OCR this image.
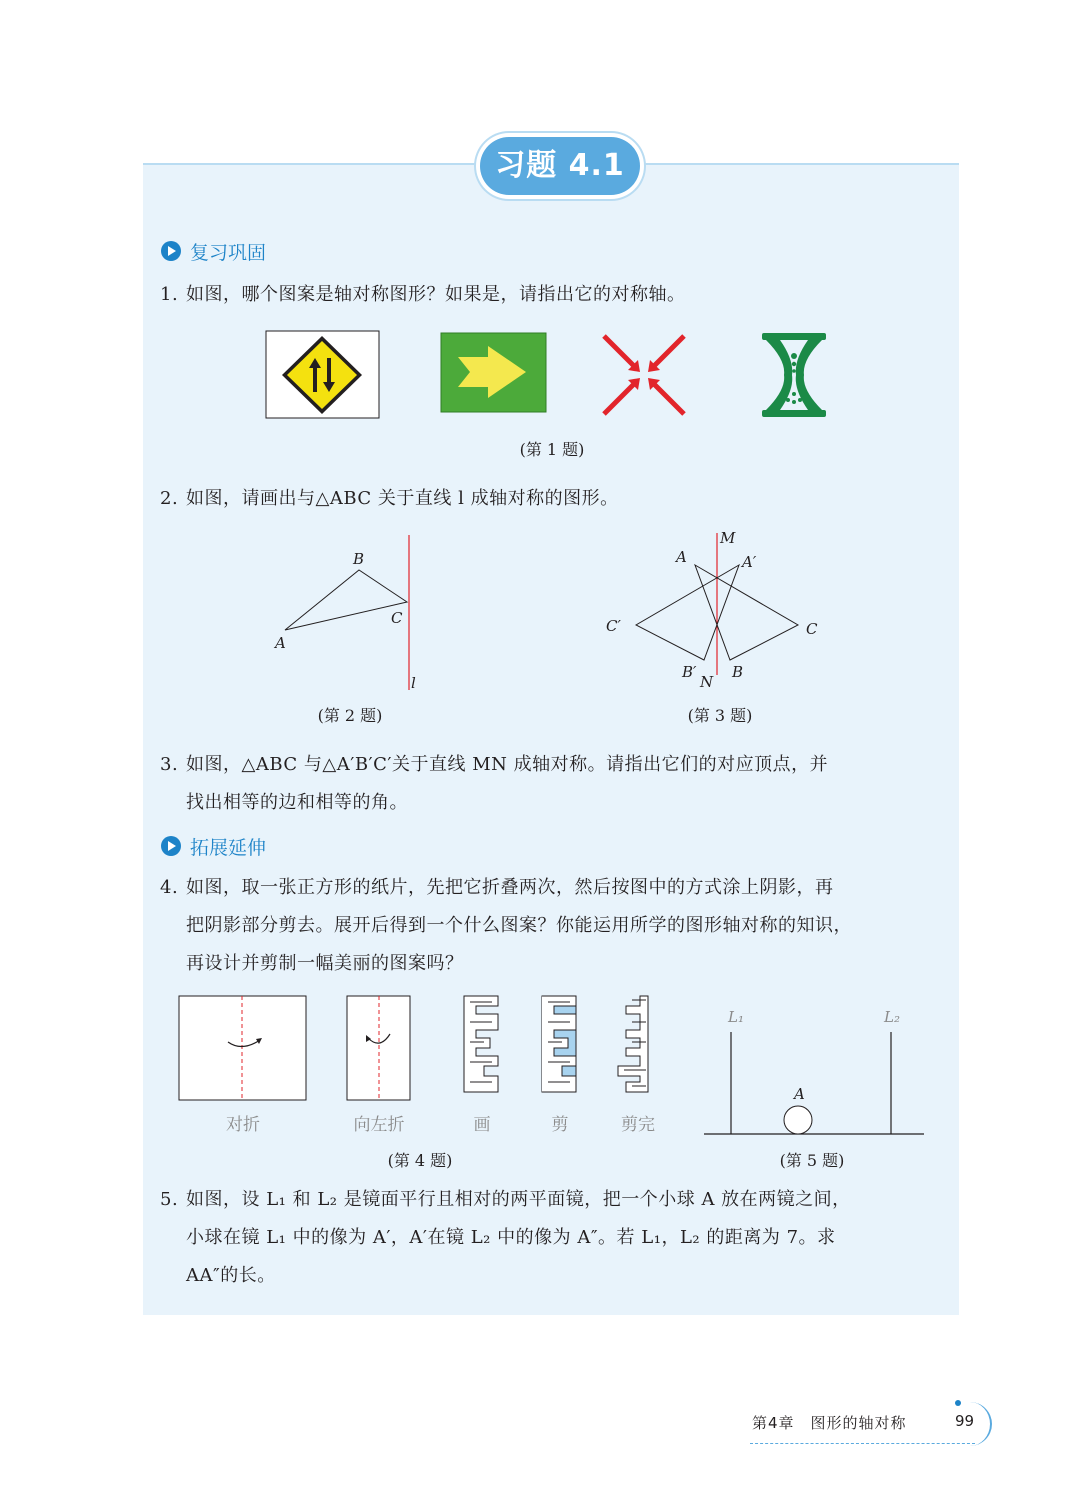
习题 4.1
复习巩固
1. 如图，哪个图案是轴对称图形？如果是，请指出它的对称轴。
(第 1 题)
2. 如图，请画出与△ABC 关于直线 l 成轴对称的图形。
A
B
C
l
(第 2 题)
M
A	A′
C′	C
B′ B
N
(第 3 题)
3. 如图，△ABC 与△A′B′C′关于直线 MN 成轴对称。请指出它们的对应顶点，并
找出相等的边和相等的角。
拓展延伸
4. 如图，取一张正方形的纸片，先把它折叠两次，然后按图中的方式涂上阴影，再
把阴影部分剪去。展开后得到一个什么图案？你能运用所学的图形轴对称的知识，
再设计并剪制一幅美丽的图案吗？
对折	向左折	画	剪	剪完
(第 4 题)
L₁	L₂
A
(第 5 题)
5. 如图，设 L₁ 和 L₂ 是镜面平行且相对的两平面镜，把一个小球 A 放在两镜之间，
小球在镜 L₁ 中的像为 A′，A′在镜 L₂ 中的像为 A″。若 L₁，L₂ 的距离为 7。求
AA″的长。
第4章　图形的轴对称	99
